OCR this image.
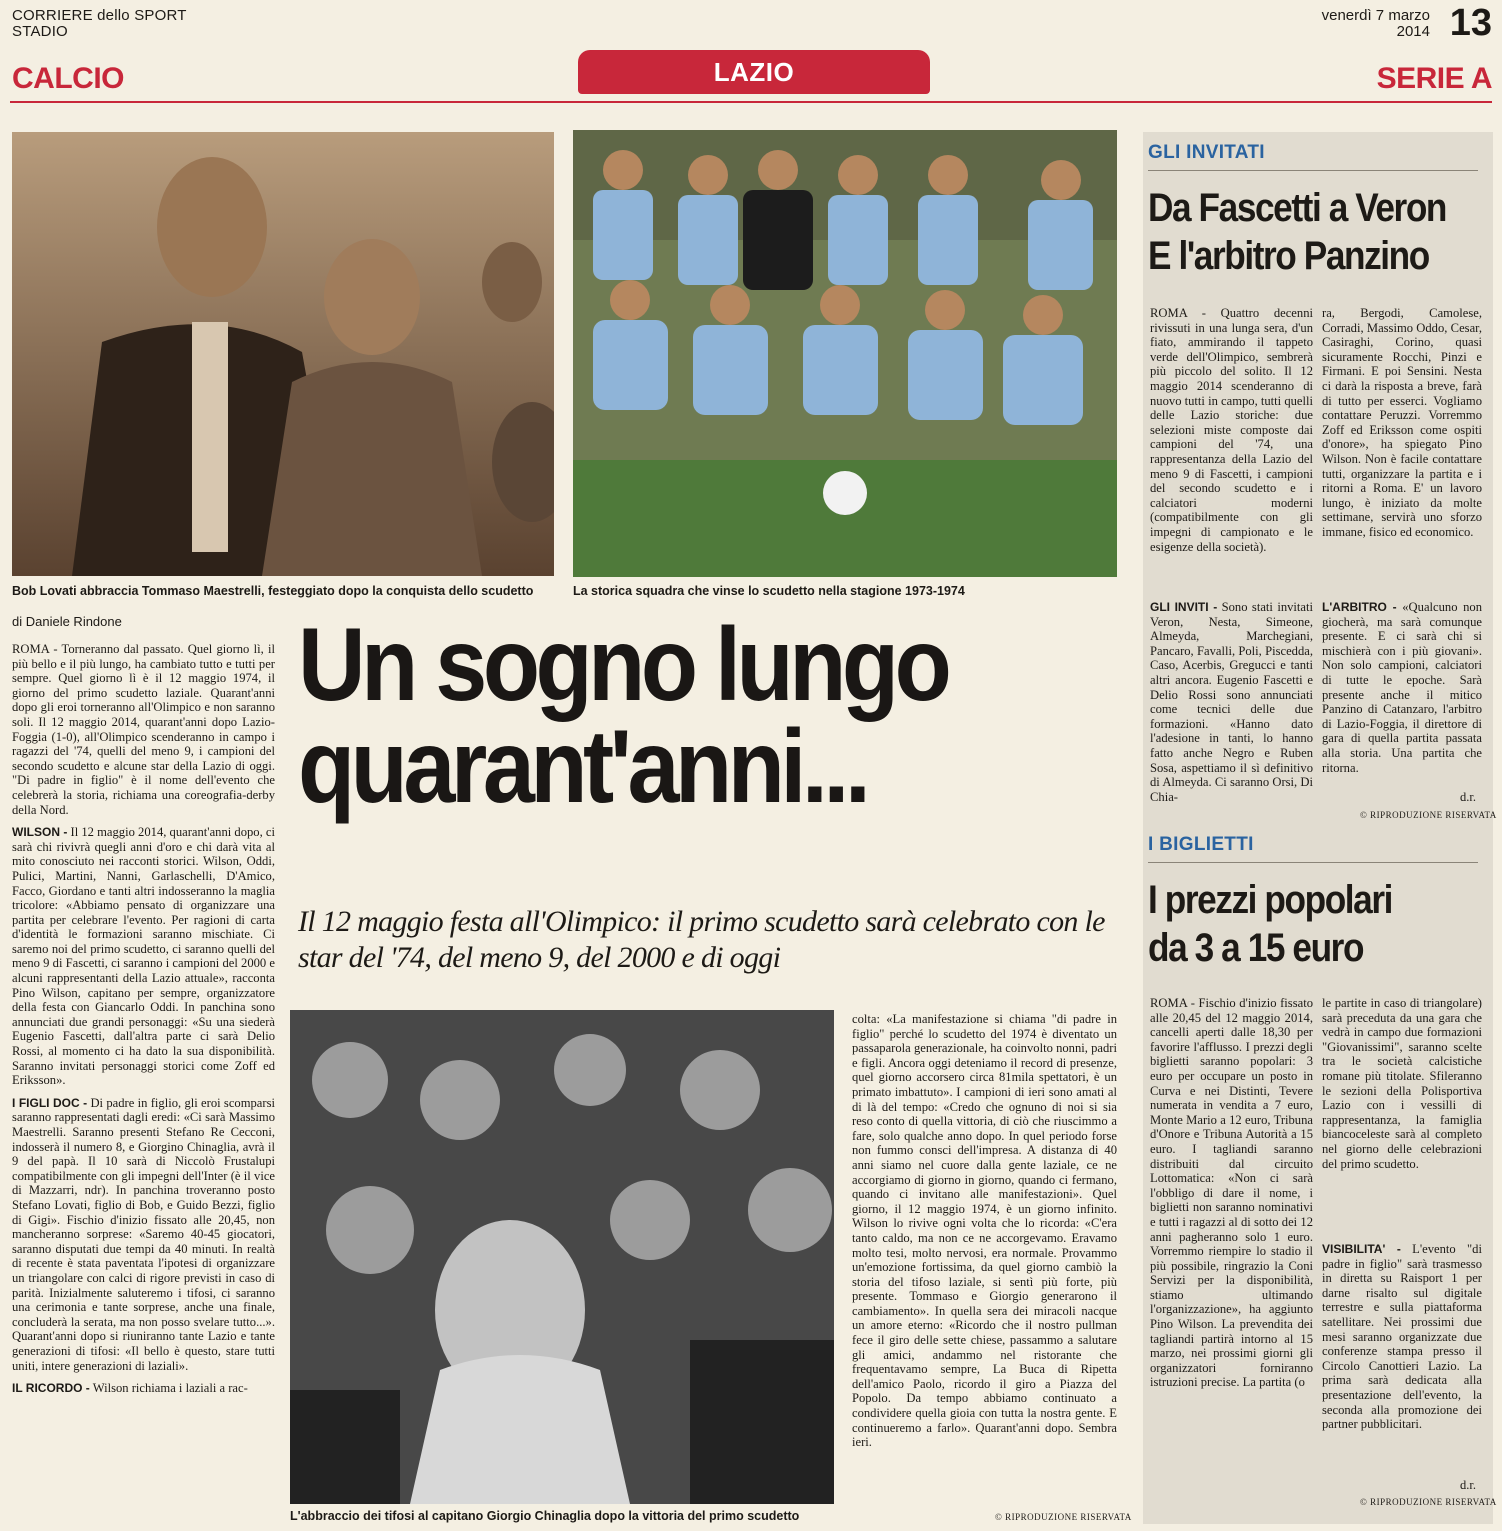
CORRIERE dello SPORT
STADIO
venerdì 7 marzo
2014 13
CALCIO	LAZIO	SERIE A
Bob Lovati abbraccia Tommaso Maestrelli, festeggiato dopo la conquista dello scudetto	La storica squadra che vinse lo scudetto nella stagione 1973-1974
di Daniele Rindone Un sogno lungo
quarant'anni...
Il 12 maggio festa all'Olimpico: il primo scudetto sarà celebrato con le star del '74, del meno 9, del 2000 e di oggi

ROMA - Torneranno dal passato. Quel giorno lì, il più bello e il più lungo, ha cambiato tutto e tutti per sempre. Quel giorno lì è il 12 maggio 1974, il giorno del primo scudetto laziale. Quarant'anni dopo gli eroi torneranno all'Olimpico e non saranno soli. Il 12 maggio 2014, quarant'anni dopo Lazio-Foggia (1-0), all'Olimpico scenderanno in campo i ragazzi del '74, quelli del meno 9, i campioni del secondo scudetto e alcune star della Lazio di oggi. "Di padre in figlio" è il nome dell'evento che celebrerà la storia, richiama una coreografia-derby della Nord.

WILSON - Il 12 maggio 2014, quarant'anni dopo, ci sarà chi rivivrà quegli anni d'oro e chi darà vita al mito conosciuto nei racconti storici. Wilson, Oddi, Pulici, Martini, Nanni, Garlaschelli, D'Amico, Facco, Giordano e tanti altri indosseranno la maglia tricolore: «Abbiamo pensato di organizzare una partita per celebrare l'evento. Per ragioni di carta d'identità le formazioni saranno mischiate. Ci saremo noi del primo scudetto, ci saranno quelli del meno 9 di Fascetti, ci saranno i campioni del 2000 e alcuni rappresentanti della Lazio attuale», racconta Pino Wilson, capitano per sempre, organizzatore della festa con Giancarlo Oddi. In panchina sono annunciati due grandi personaggi: «Su una siederà Eugenio Fascetti, dall'altra parte ci sarà Delio Rossi, al momento ci ha dato la sua disponibilità. Saranno invitati personaggi storici come Zoff ed Eriksson».

I FIGLI DOC - Di padre in figlio, gli eroi scomparsi saranno rappresentati dagli eredi: «Ci sarà Massimo Maestrelli. Saranno presenti Stefano Re Cecconi, indosserà il numero 8, e Giorgino Chinaglia, avrà il 9 del papà. Il 10 sarà di Niccolò Frustalupi compatibilmente con gli impegni dell'Inter (è il vice di Mazzarri, ndr). In panchina troveranno posto Stefano Lovati, figlio di Bob, e Guido Bezzi, figlio di Gigi». Fischio d'inizio fissato alle 20,45, non mancheranno sorprese: «Saremo 40-45 giocatori, saranno disputati due tempi da 40 minuti. In realtà di recente è stata paventata l'ipotesi di organizzare un triangolare con calci di rigore previsti in caso di parità. Inizialmente saluteremo i tifosi, ci saranno una cerimonia e tante sorprese, anche una finale, concluderà la serata, ma non posso svelare tutto...». Quarant'anni dopo si riuniranno tante Lazio e tante generazioni di tifosi: «Il bello è questo, stare tutti uniti, intere generazioni di laziali».

IL RICORDO - Wilson richiama i laziali a rac-

L'abbraccio dei tifosi al capitano Giorgio Chinaglia dopo la vittoria del primo scudetto

colta: «La manifestazione si chiama "di padre in figlio" perché lo scudetto del 1974 è diventato un passaparola generazionale, ha coinvolto nonni, padri e figli. Ancora oggi deteniamo il record di presenze, quel giorno accorsero circa 81mila spettatori, è un primato imbattuto». I campioni di ieri sono amati al di là del tempo: «Credo che ognuno di noi si sia reso conto di quella vittoria, di ciò che riuscimmo a fare, solo qualche anno dopo. In quel periodo forse non fummo consci dell'impresa. A distanza di 40 anni siamo nel cuore dalla gente laziale, ce ne accorgiamo di giorno in giorno, quando ci fermano, quando ci invitano alle manifestazioni». Quel giorno, il 12 maggio 1974, è un giorno infinito. Wilson lo rivive ogni volta che lo ricorda: «C'era tanto caldo, ma non ce ne accorgevamo. Eravamo molto tesi, molto nervosi, era normale. Provammo un'emozione fortissima, da quel giorno cambiò la storia del tifoso laziale, si sentì più forte, più presente. Tommaso e Giorgio generarono il cambiamento». In quella sera dei miracoli nacque un amore eterno: «Ricordo che il nostro pullman fece il giro delle sette chiese, passammo a salutare gli amici, andammo nel ristorante che frequentavamo sempre, La Buca di Ripetta dell'amico Paolo, ricordo il giro a Piazza del Popolo. Da tempo abbiamo continuato a condividere quella gioia con tutta la nostra gente. E continueremo a farlo». Quarant'anni dopo. Sembra ieri.

© RIPRODUZIONE RISERVATA
GLI INVITATI
Da Fascetti a Veron
E l'arbitro Panzino
ROMA - Quattro decenni rivissuti in una lunga sera, d'un fiato, ammirando il tappeto verde dell'Olimpico, sembrerà più piccolo del solito. Il 12 maggio 2014 scenderanno di nuovo tutti in campo, tutti quelli delle Lazio storiche: due selezioni miste composte dai campioni del '74, una rappresentanza della Lazio del meno 9 di Fascetti, i campioni del secondo scudetto e i calciatori moderni (compatibilmente con gli impegni di campionato e le esigenze della società).
ra, Bergodi, Camolese, Corradi, Massimo Oddo, Cesar, Casiraghi, Corino, quasi sicuramente Rocchi, Pinzi e Firmani. E poi Sensini. Nesta ci darà la risposta a breve, farà di tutto per esserci. Vogliamo contattare Peruzzi. Vorremmo Zoff ed Eriksson come ospiti d'onore», ha spiegato Pino Wilson. Non è facile contattare tutti, organizzare la partita e i ritorni a Roma. E' un lavoro lungo, è iniziato da molte settimane, servirà uno sforzo immane, fisico ed economico.
GLI INVITI - Sono stati invitati Veron, Nesta, Simeone, Almeyda, Marchegiani, Pancaro, Favalli, Poli, Piscedda, Caso, Acerbis, Gregucci e tanti altri ancora. Eugenio Fascetti e Delio Rossi sono annunciati come tecnici delle due formazioni. «Hanno dato l'adesione in tanti, lo hanno fatto anche Negro e Ruben Sosa, aspettiamo il sì definitivo di Almeyda. Ci saranno Orsi, Di Chia-
L'ARBITRO - «Qualcuno non giocherà, ma sarà comunque presente. E ci sarà chi si mischierà con i più giovani». Non solo campioni, calciatori di tutte le epoche. Sarà presente anche il mitico Panzino di Catanzaro, l'arbitro di Lazio-Foggia, il direttore di gara di quella partita passata alla storia. Una partita che ritorna.
d.r.
© RIPRODUZIONE RISERVATA
I BIGLIETTI
I prezzi popolari
da 3 a 15 euro
ROMA - Fischio d'inizio fissato alle 20,45 del 12 maggio 2014, cancelli aperti dalle 18,30 per favorire l'afflusso. I prezzi degli biglietti saranno popolari: 3 euro per occupare un posto in Curva e nei Distinti, Tevere numerata in vendita a 7 euro, Monte Mario a 12 euro, Tribuna d'Onore e Tribuna Autorità a 15 euro. I tagliandi saranno distribuiti dal circuito Lottomatica: «Non ci sarà l'obbligo di dare il nome, i biglietti non saranno nominativi e tutti i ragazzi al di sotto dei 12 anni pagheranno solo 1 euro. Vorremmo riempire lo stadio il più possibile, ringrazio la Coni Servizi per la disponibilità, stiamo ultimando l'organizzazione», ha aggiunto Pino Wilson. La prevendita dei tagliandi partirà intorno al 15 marzo, nei prossimi giorni gli organizzatori forniranno istruzioni precise. La partita (o
le partite in caso di triangolare) sarà preceduta da una gara che vedrà in campo due formazioni "Giovanissimi", saranno scelte tra le società calcistiche romane più titolate. Sfileranno le sezioni della Polisportiva Lazio con i vessilli di rappresentanza, la famiglia biancoceleste sarà al completo nel giorno delle celebrazioni del primo scudetto.
VISIBILITA' - L'evento "di padre in figlio" sarà trasmesso in diretta su Raisport 1 per darne risalto sul digitale terrestre e sulla piattaforma satellitare. Nei prossimi due mesi saranno organizzate due conferenze stampa presso il Circolo Canottieri Lazio. La prima sarà dedicata alla presentazione dell'evento, la seconda alla promozione dei partner pubblicitari.
d.r.
© RIPRODUZIONE RISERVATA
